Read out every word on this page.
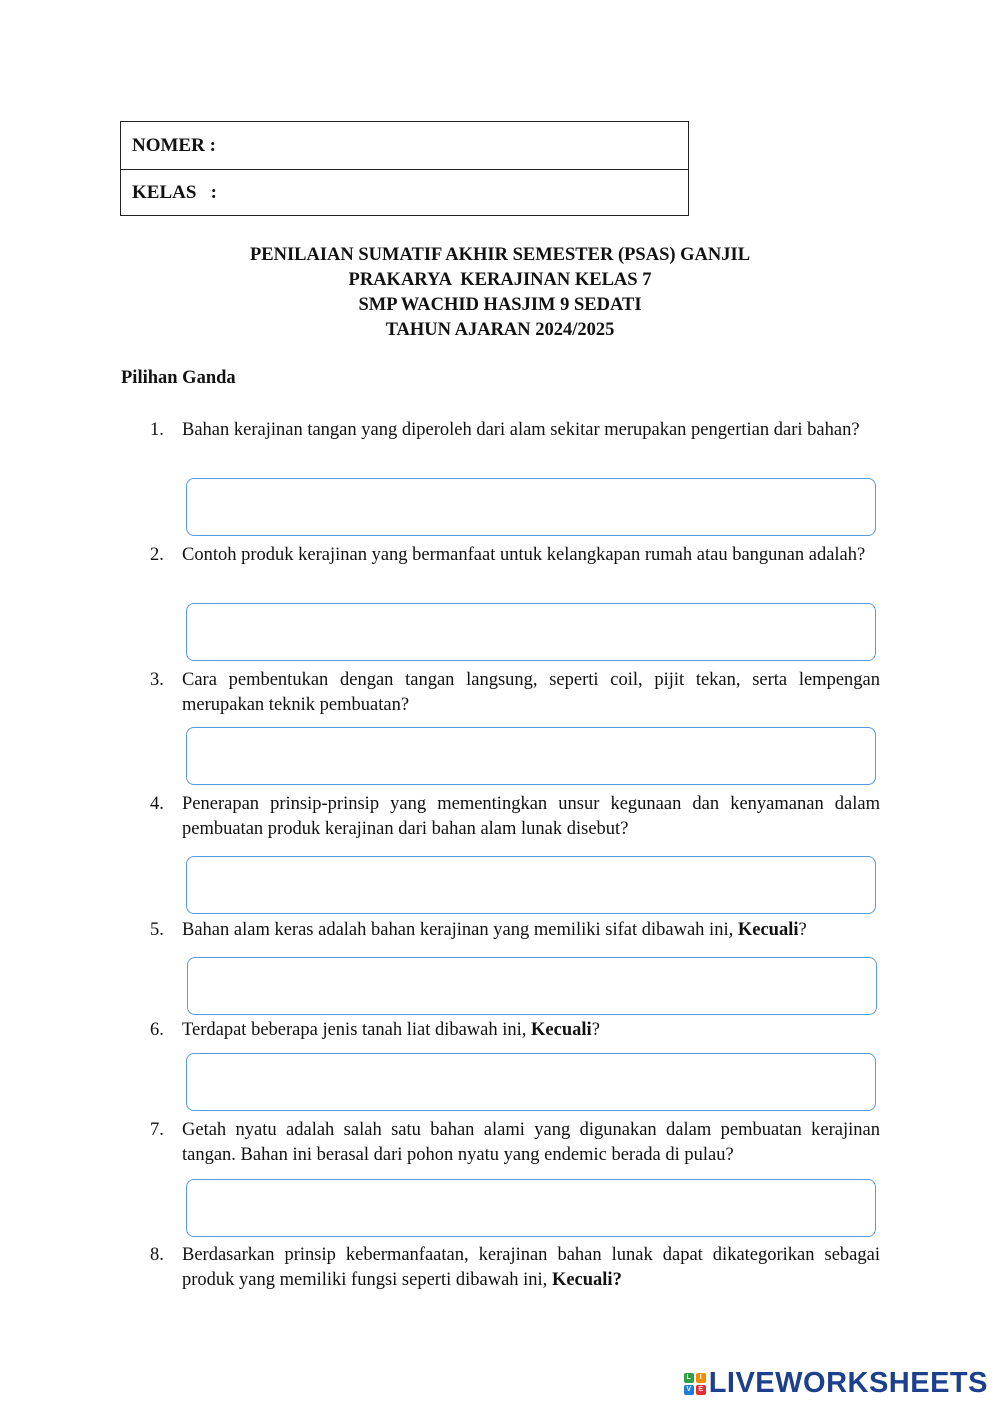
NOMER :
KELAS   :
PENILAIAN SUMATIF AKHIR SEMESTER (PSAS) GANJIL
PRAKARYA  KERAJINAN KELAS 7
SMP WACHID HASJIM 9 SEDATI
TAHUN AJARAN 2024/2025
Pilihan Ganda
1. Bahan kerajinan tangan yang diperoleh dari alam sekitar merupakan pengertian dari bahan?
2. Contoh produk kerajinan yang bermanfaat untuk kelangkapan rumah atau bangunan adalah?
3. Cara pembentukan dengan tangan langsung, seperti coil, pijit tekan, serta lempengan merupakan teknik pembuatan?
4. Penerapan prinsip-prinsip yang mementingkan unsur kegunaan dan kenyamanan dalam pembuatan produk kerajinan dari bahan alam lunak disebut?
5. Bahan alam keras adalah bahan kerajinan yang memiliki sifat dibawah ini, Kecuali?
6. Terdapat beberapa jenis tanah liat dibawah ini, Kecuali?
7. Getah nyatu adalah salah satu bahan alami yang digunakan dalam pembuatan kerajinan tangan. Bahan ini berasal dari pohon nyatu yang endemic berada di pulau?
8. Berdasarkan prinsip kebermanfaatan, kerajinan bahan lunak dapat dikategorikan sebagai produk yang memiliki fungsi seperti dibawah ini, Kecuali?
L	I
V	E LIVEWORKSHEETS
